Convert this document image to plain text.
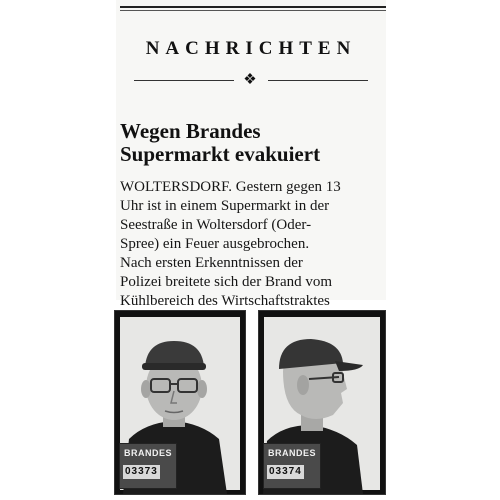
NACHRICHTEN
❖
Wegen Brandes
Supermarkt evakuiert
WOLTERSDORF. Gestern gegen 13
Uhr ist in einem Supermarkt in der
Seestraße in Woltersdorf (Oder-
Spree) ein Feuer ausgebrochen.
Nach ersten Erkenntnissen der
Polizei breitete sich der Brand vom
Kühlbereich des Wirtschaftstraktes
BRANDES
03373
BRANDES
03374
